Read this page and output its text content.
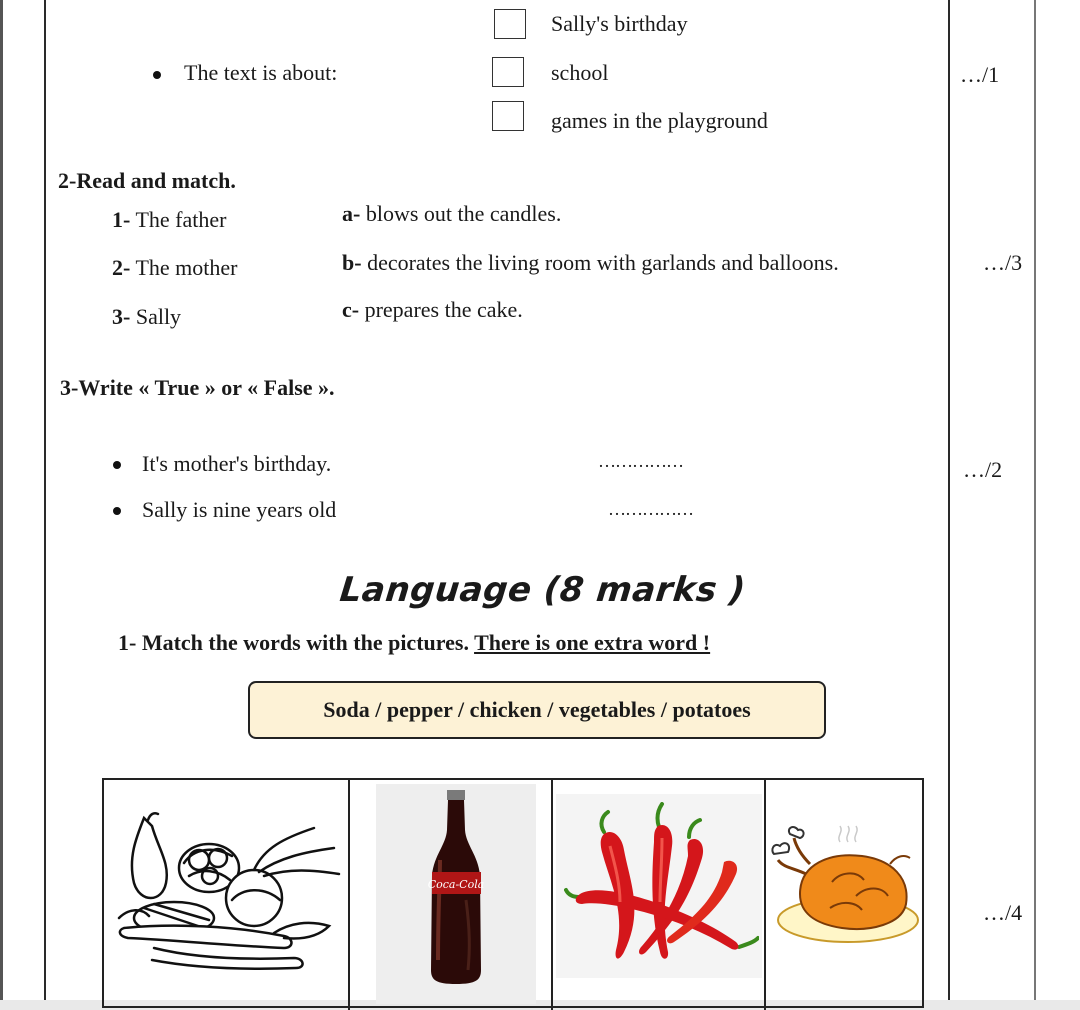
The text is about:
Sally's birthday
school
games in the playground
…/1
2-Read and match.
1- The father
2- The mother
3- Sally
a- blows out the candles.
b- decorates the living room with garlands and balloons.
c- prepares the cake.
…/3
3-Write « True » or « False ».
It's mother's birthday.	……………
Sally is nine years old	……………
…/2
Language (8 marks )
1- Match the words with the pictures. There is one extra word !
Soda / pepper / chicken / vegetables / potatoes
…/4
Coca-Cola
